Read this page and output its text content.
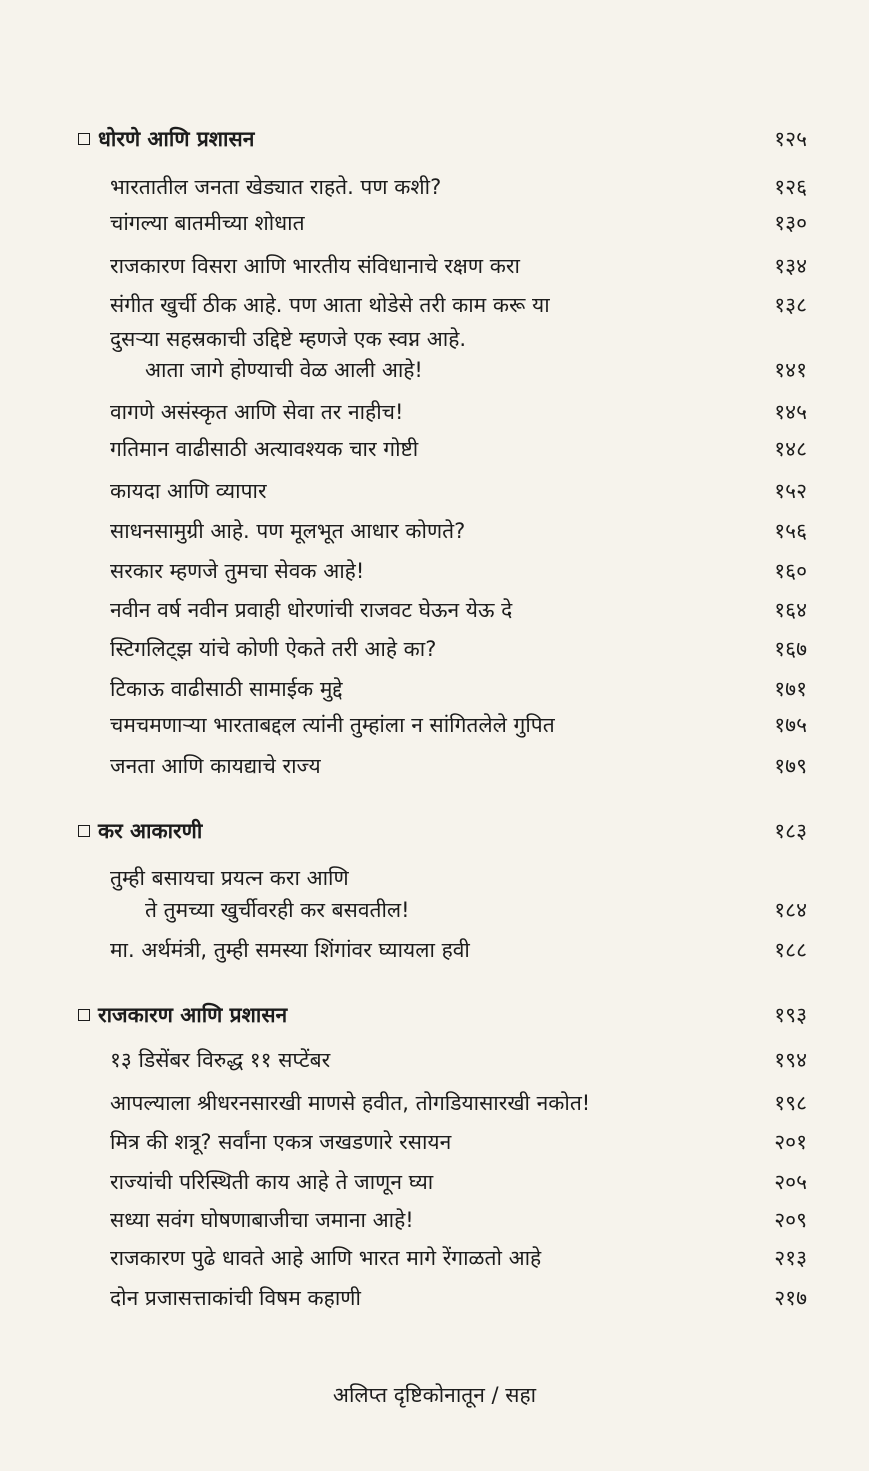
धोरणे आणि प्रशासन	१२५
भारतातील जनता खेड्यात राहते. पण कशी?	१२६
चांगल्या बातमीच्या शोधात	१३०
राजकारण विसरा आणि भारतीय संविधानाचे रक्षण करा	१३४
संगीत खुर्ची ठीक आहे. पण आता थोडेसे तरी काम करू या	१३८
दुसऱ्या सहस्रकाची उद्दिष्टे म्हणजे एक स्वप्न आहे.
आता जागे होण्याची वेळ आली आहे!	१४१
वागणे असंस्कृत आणि सेवा तर नाहीच!	१४५
गतिमान वाढीसाठी अत्यावश्यक चार गोष्टी	१४८
कायदा आणि व्यापार	१५२
साधनसामुग्री आहे. पण मूलभूत आधार कोणते?	१५६
सरकार म्हणजे तुमचा सेवक आहे!	१६०
नवीन वर्ष नवीन प्रवाही धोरणांची राजवट घेऊन येऊ दे	१६४
स्टिगलिट्झ यांचे कोणी ऐकते तरी आहे का?	१६७
टिकाऊ वाढीसाठी सामाईक मुद्दे	१७१
चमचमणाऱ्या भारताबद्दल त्यांनी तुम्हांला न सांगितलेले गुपित	१७५
जनता आणि कायद्याचे राज्य	१७९
कर आकारणी	१८३
तुम्ही बसायचा प्रयत्न करा आणि
ते तुमच्या खुर्चीवरही कर बसवतील!	१८४
मा. अर्थमंत्री, तुम्ही समस्या शिंगांवर घ्यायला हवी	१८८
राजकारण आणि प्रशासन	१९३
१३ डिसेंबर विरुद्ध ११ सप्टेंबर	१९४
आपल्याला श्रीधरनसारखी माणसे हवीत, तोगडियासारखी नकोत!	१९८
मित्र की शत्रू? सर्वांना एकत्र जखडणारे रसायन	२०१
राज्यांची परिस्थिती काय आहे ते जाणून घ्या	२०५
सध्या सवंग घोषणाबाजीचा जमाना आहे!	२०९
राजकारण पुढे धावते आहे आणि भारत मागे रेंगाळतो आहे	२१३
दोन प्रजासत्ताकांची विषम कहाणी	२१७
अलिप्त दृष्टिकोनातून / सहा
